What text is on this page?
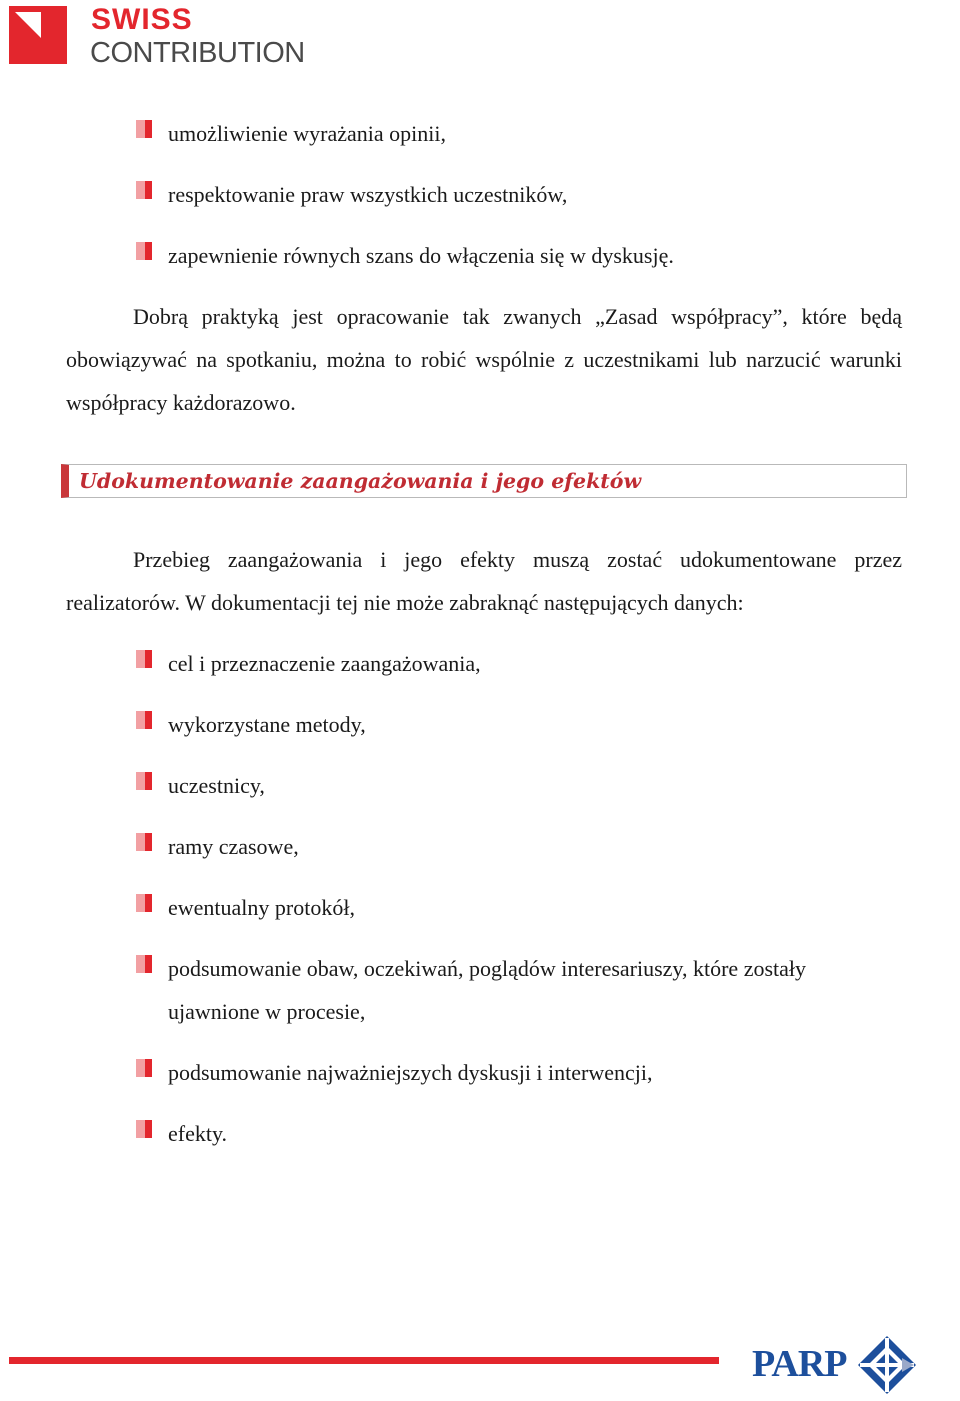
SWISS
CONTRIBUTION
umożliwienie wyrażania opinii,
respektowanie praw wszystkich uczestników,
zapewnienie równych szans do włączenia się w dyskusję.

Dobrą praktyką jest opracowanie tak zwanych „Zasad współpracy”, które będą obowiązywać na spotkaniu, można to robić wspólnie z uczestnikami lub narzucić warunki współpracy każdorazowo.

Udokumentowanie zaangażowania i jego efektów

Przebieg zaangażowania i jego efekty muszą zostać udokumentowane przez realizatorów. W dokumentacji tej nie może zabraknąć następujących danych:

cel i przeznaczenie zaangażowania,
wykorzystane metody,
uczestnicy,
ramy czasowe,
ewentualny protokół,
podsumowanie obaw, oczekiwań, poglądów interesariuszy, które zostały ujawnione w procesie,
podsumowanie najważniejszych dyskusji i interwencji,
efekty.
PARP
